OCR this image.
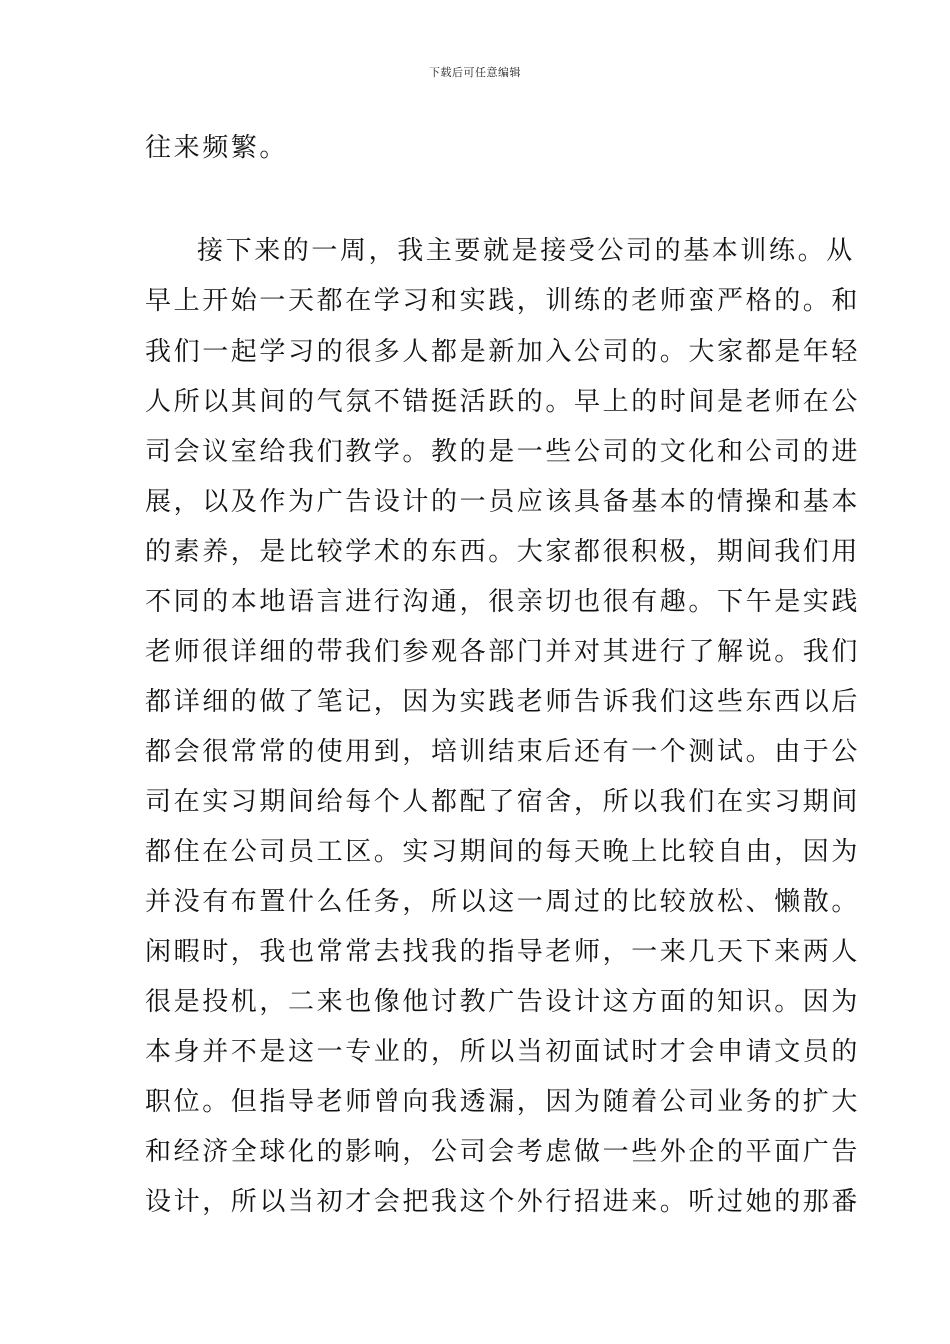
下载后可任意编辑
往来频繁。
接下来的一周，我主要就是接受公司的基本训练。从
早上开始一天都在学习和实践，训练的老师蛮严格的。和
我们一起学习的很多人都是新加入公司的。大家都是年轻
人所以其间的气氛不错挺活跃的。早上的时间是老师在公
司会议室给我们教学。教的是一些公司的文化和公司的进
展，以及作为广告设计的一员应该具备基本的情操和基本
的素养，是比较学术的东西。大家都很积极，期间我们用
不同的本地语言进行沟通，很亲切也很有趣。下午是实践
老师很详细的带我们参观各部门并对其进行了解说。我们
都详细的做了笔记，因为实践老师告诉我们这些东西以后
都会很常常的使用到，培训结束后还有一个测试。由于公
司在实习期间给每个人都配了宿舍，所以我们在实习期间
都住在公司员工区。实习期间的每天晚上比较自由，因为
并没有布置什么任务，所以这一周过的比较放松、懒散。
闲暇时，我也常常去找我的指导老师，一来几天下来两人
很是投机，二来也像他讨教广告设计这方面的知识。因为
本身并不是这一专业的，所以当初面试时才会申请文员的
职位。但指导老师曾向我透漏，因为随着公司业务的扩大
和经济全球化的影响，公司会考虑做一些外企的平面广告
设计，所以当初才会把我这个外行招进来。听过她的那番
